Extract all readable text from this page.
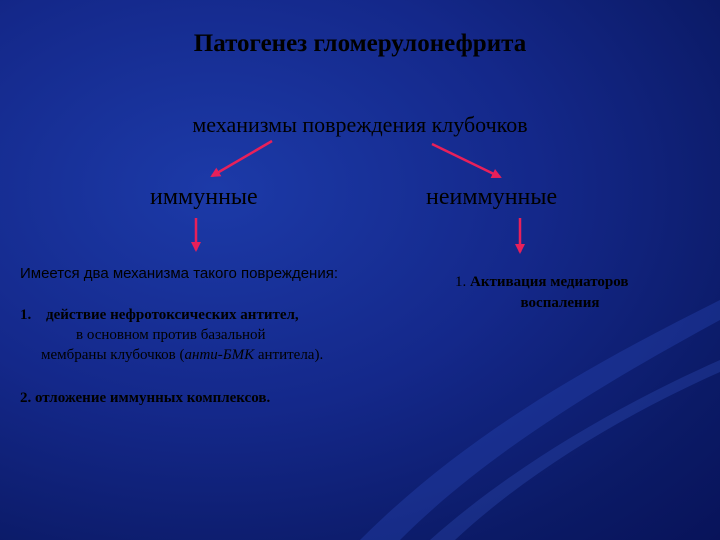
Патогенез гломерулонефрита
механизмы повреждения клубочков
иммунные	неиммунные
Имеется два механизма такого повреждения:
1. действие нефротоксических антител,
в основном против базальной
мембраны клубочков (анти-БМК антитела).
2. отложение иммунных комплексов.
1. Активация медиаторов
воспаления
